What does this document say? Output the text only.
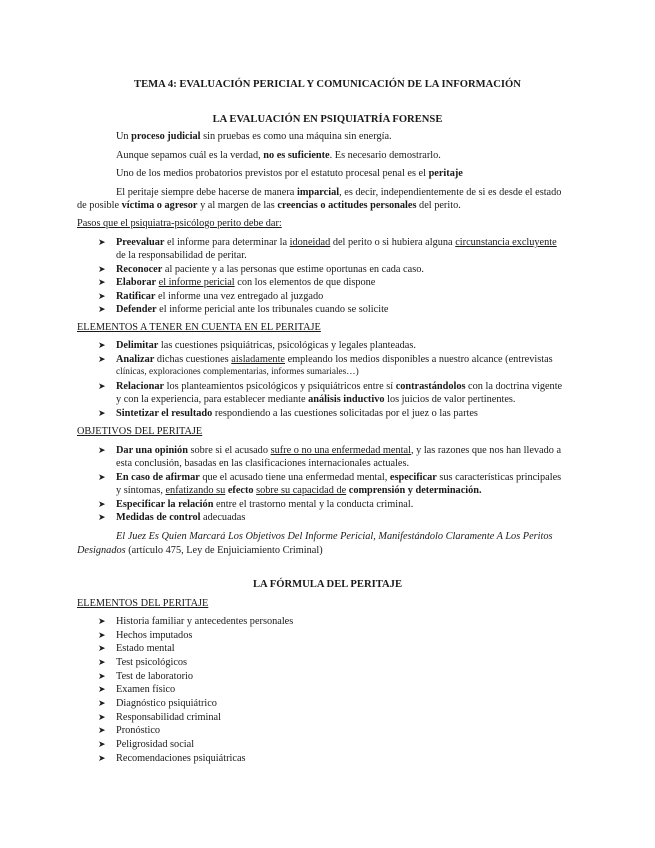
TEMA 4: EVALUACIÓN PERICIAL Y COMUNICACIÓN DE LA INFORMACIÓN

LA EVALUACIÓN EN PSIQUIATRÍA FORENSE

Un proceso judicial sin pruebas es como una máquina sin energía.

Aunque sepamos cuál es la verdad, no es suficiente. Es necesario demostrarlo.

Uno de los medios probatorios previstos por el estatuto procesal penal es el peritaje

El peritaje siempre debe hacerse de manera imparcial, es decir, independientemente de si es desde el estado

de posible víctima o agresor y al margen de las creencias o actitudes personales del perito.

Pasos que el psiquiatra-psicólogo perito debe dar:

➤ Preevaluar el informe para determinar la idoneidad del perito o si hubiera alguna circunstancia excluyente

de la responsabilidad de peritar.

➤ Reconocer al paciente y a las personas que estime oportunas en cada caso.

➤ Elaborar el informe pericial con los elementos de que dispone

➤ Ratificar el informe una vez entregado al juzgado

➤ Defender el informe pericial ante los tribunales cuando se solicite

ELEMENTOS A TENER EN CUENTA EN EL PERITAJE

➤ Delimitar las cuestiones psiquiátricas, psicológicas y legales planteadas.

➤ Analizar dichas cuestiones aisladamente empleando los medios disponibles a nuestro alcance (entrevistas

clínicas, exploraciones complementarias, informes sumariales…)

➤ Relacionar los planteamientos psicológicos y psiquiátricos entre sí contrastándolos con la doctrina vigente

y con la experiencia, para establecer mediante análisis inductivo los juicios de valor pertinentes.

➤ Sintetizar el resultado respondiendo a las cuestiones solicitadas por el juez o las partes

OBJETIVOS DEL PERITAJE

➤ Dar una opinión sobre si el acusado sufre o no una enfermedad mental, y las razones que nos han llevado a

esta conclusión, basadas en las clasificaciones internacionales actuales.

➤ En caso de afirmar que el acusado tiene una enfermedad mental, especificar sus características principales

y síntomas, enfatizando su efecto sobre su capacidad de comprensión y determinación.

➤ Especificar la relación entre el trastorno mental y la conducta criminal.

➤ Medidas de control adecuadas

El Juez Es Quien Marcará Los Objetivos Del Informe Pericial, Manifestándolo Claramente A Los Peritos

Designados (artículo 475, Ley de Enjuiciamiento Criminal)

LA FÓRMULA DEL PERITAJE

ELEMENTOS DEL PERITAJE

➤ Historia familiar y antecedentes personales

➤ Hechos imputados

➤ Estado mental

➤ Test psicológicos

➤ Test de laboratorio

➤ Examen físico

➤ Diagnóstico psiquiátrico

➤ Responsabilidad criminal

➤ Pronóstico

➤ Peligrosidad social

➤ Recomendaciones psiquiátricas
